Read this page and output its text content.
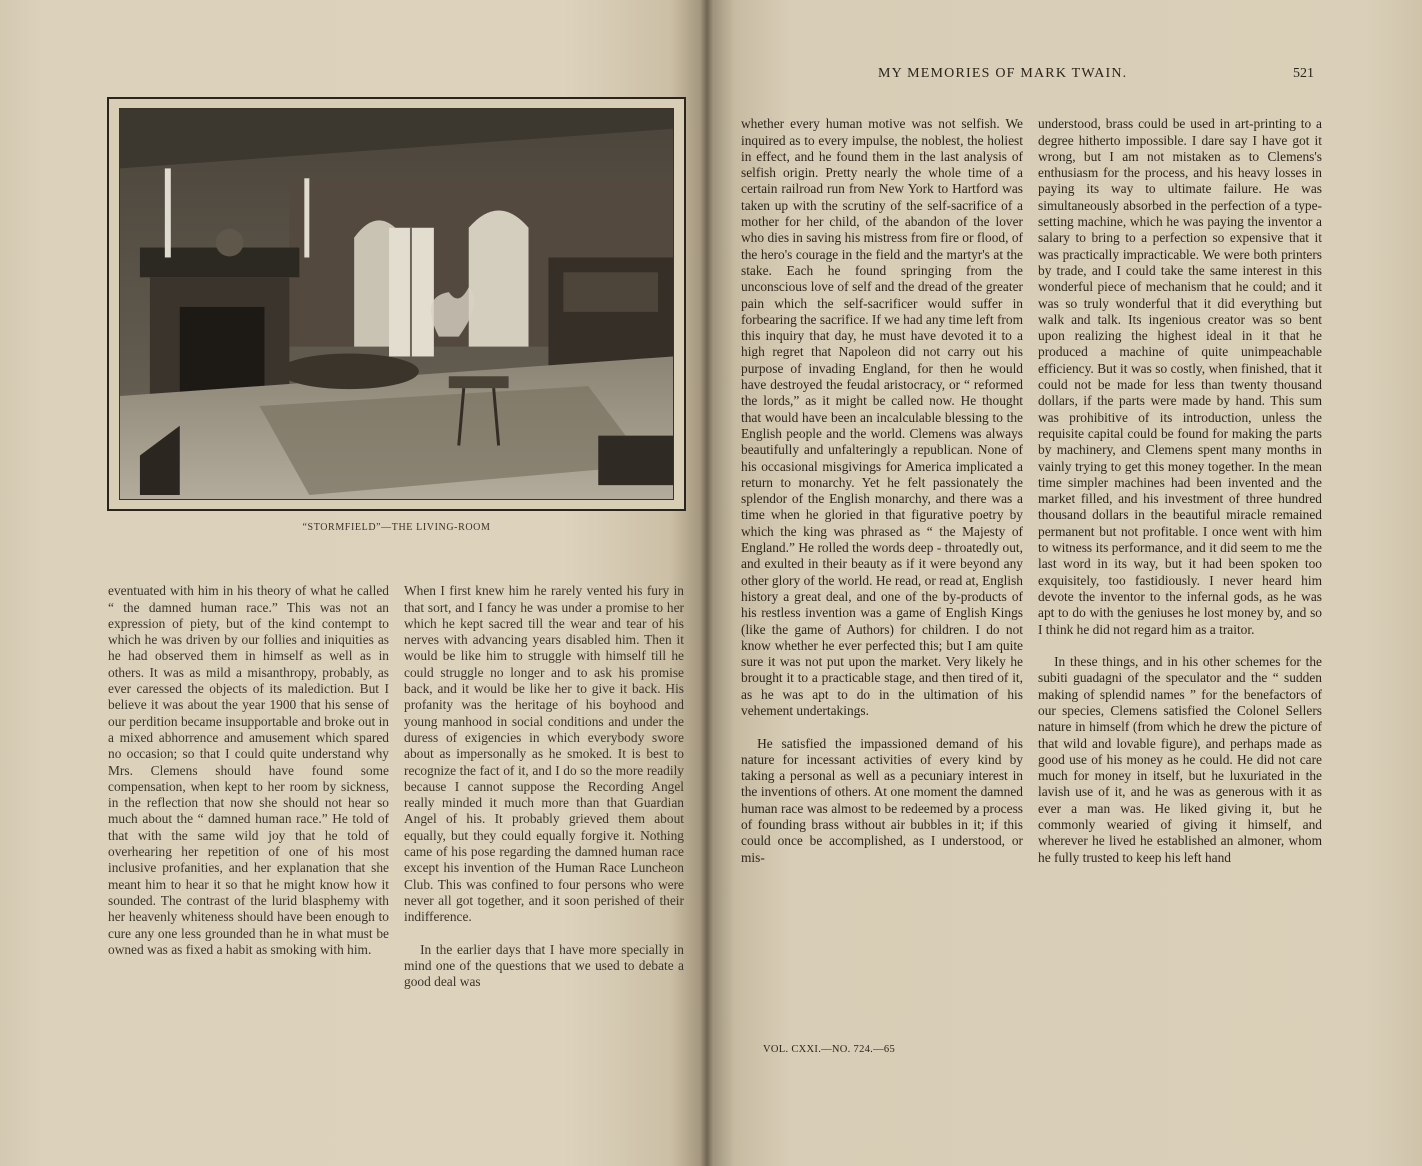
“STORMFIELD”—THE LIVING-ROOM

eventuated with him in his theory of what he called “ the damned human race.” This was not an expression of piety, but of the kind contempt to which he was driven by our follies and iniquities as he had observed them in himself as well as in others. It was as mild a misanthropy, probably, as ever caressed the objects of its malediction. But I believe it was about the year 1900 that his sense of our perdition became insupportable and broke out in a mixed abhorrence and amusement which spared no occasion; so that I could quite understand why Mrs. Clemens should have found some compensation, when kept to her room by sickness, in the reflection that now she should not hear so much about the “ damned human race.” He told of that with the same wild joy that he told of overhearing her repetition of one of his most inclusive profanities, and her explanation that she meant him to hear it so that he might know how it sounded. The contrast of the lurid blasphemy with her heavenly whiteness should have been enough to cure any one less grounded than he in what must be owned was as fixed a habit as smoking with him.

When I first knew him he rarely vented his fury in that sort, and I fancy he was under a promise to her which he kept sacred till the wear and tear of his nerves with advancing years disabled him. Then it would be like him to struggle with himself till he could struggle no longer and to ask his promise back, and it would be like her to give it back. His profanity was the heritage of his boyhood and young manhood in social conditions and under the duress of exigencies in which everybody swore about as impersonally as he smoked. It is best to recognize the fact of it, and I do so the more readily because I cannot suppose the Recording Angel really minded it much more than that Guardian Angel of his. It probably grieved them about equally, but they could equally forgive it. Nothing came of his pose regarding the damned human race except his invention of the Human Race Luncheon Club. This was confined to four persons who were never all got together, and it soon perished of their indifference.

In the earlier days that I have more specially in mind one of the questions that we used to debate a good deal was

MY MEMORIES OF MARK TWAIN.	521

whether every human motive was not selfish. We inquired as to every impulse, the noblest, the holiest in effect, and he found them in the last analysis of selfish origin. Pretty nearly the whole time of a certain railroad run from New York to Hartford was taken up with the scrutiny of the self-sacrifice of a mother for her child, of the abandon of the lover who dies in saving his mistress from fire or flood, of the hero's courage in the field and the martyr's at the stake. Each he found springing from the unconscious love of self and the dread of the greater pain which the self-sacrificer would suffer in forbearing the sacrifice. If we had any time left from this inquiry that day, he must have devoted it to a high regret that Napoleon did not carry out his purpose of invading England, for then he would have destroyed the feudal aristocracy, or “ reformed the lords,” as it might be called now. He thought that would have been an incalculable blessing to the English people and the world. Clemens was always beautifully and unfalteringly a republican. None of his occasional misgivings for America implicated a return to monarchy. Yet he felt passionately the splendor of the English monarchy, and there was a time when he gloried in that figurative poetry by which the king was phrased as “ the Majesty of England.” He rolled the words deep - throatedly out, and exulted in their beauty as if it were beyond any other glory of the world. He read, or read at, English history a great deal, and one of the by-products of his restless invention was a game of English Kings (like the game of Authors) for children. I do not know whether he ever perfected this; but I am quite sure it was not put upon the market. Very likely he brought it to a practicable stage, and then tired of it, as he was apt to do in the ultimation of his vehement undertakings.

He satisfied the impassioned demand of his nature for incessant activities of every kind by taking a personal as well as a pecuniary interest in the inventions of others. At one moment the damned human race was almost to be redeemed by a process of founding brass without air bubbles in it; if this could once be accomplished, as I understood, or mis-

understood, brass could be used in art-printing to a degree hitherto impossible. I dare say I have got it wrong, but I am not mistaken as to Clemens's enthusiasm for the process, and his heavy losses in paying its way to ultimate failure. He was simultaneously absorbed in the perfection of a type-setting machine, which he was paying the inventor a salary to bring to a perfection so expensive that it was practically impracticable. We were both printers by trade, and I could take the same interest in this wonderful piece of mechanism that he could; and it was so truly wonderful that it did everything but walk and talk. Its ingenious creator was so bent upon realizing the highest ideal in it that he produced a machine of quite unimpeachable efficiency. But it was so costly, when finished, that it could not be made for less than twenty thousand dollars, if the parts were made by hand. This sum was prohibitive of its introduction, unless the requisite capital could be found for making the parts by machinery, and Clemens spent many months in vainly trying to get this money together. In the mean time simpler machines had been invented and the market filled, and his investment of three hundred thousand dollars in the beautiful miracle remained permanent but not profitable. I once went with him to witness its performance, and it did seem to me the last word in its way, but it had been spoken too exquisitely, too fastidiously. I never heard him devote the inventor to the infernal gods, as he was apt to do with the geniuses he lost money by, and so I think he did not regard him as a traitor.

In these things, and in his other schemes for the subiti guadagni of the speculator and the “ sudden making of splendid names ” for the benefactors of our species, Clemens satisfied the Colonel Sellers nature in himself (from which he drew the picture of that wild and lovable figure), and perhaps made as good use of his money as he could. He did not care much for money in itself, but he luxuriated in the lavish use of it, and he was as generous with it as ever a man was. He liked giving it, but he commonly wearied of giving it himself, and wherever he lived he established an almoner, whom he fully trusted to keep his left hand

VOL. CXXI.—NO. 724.—65
